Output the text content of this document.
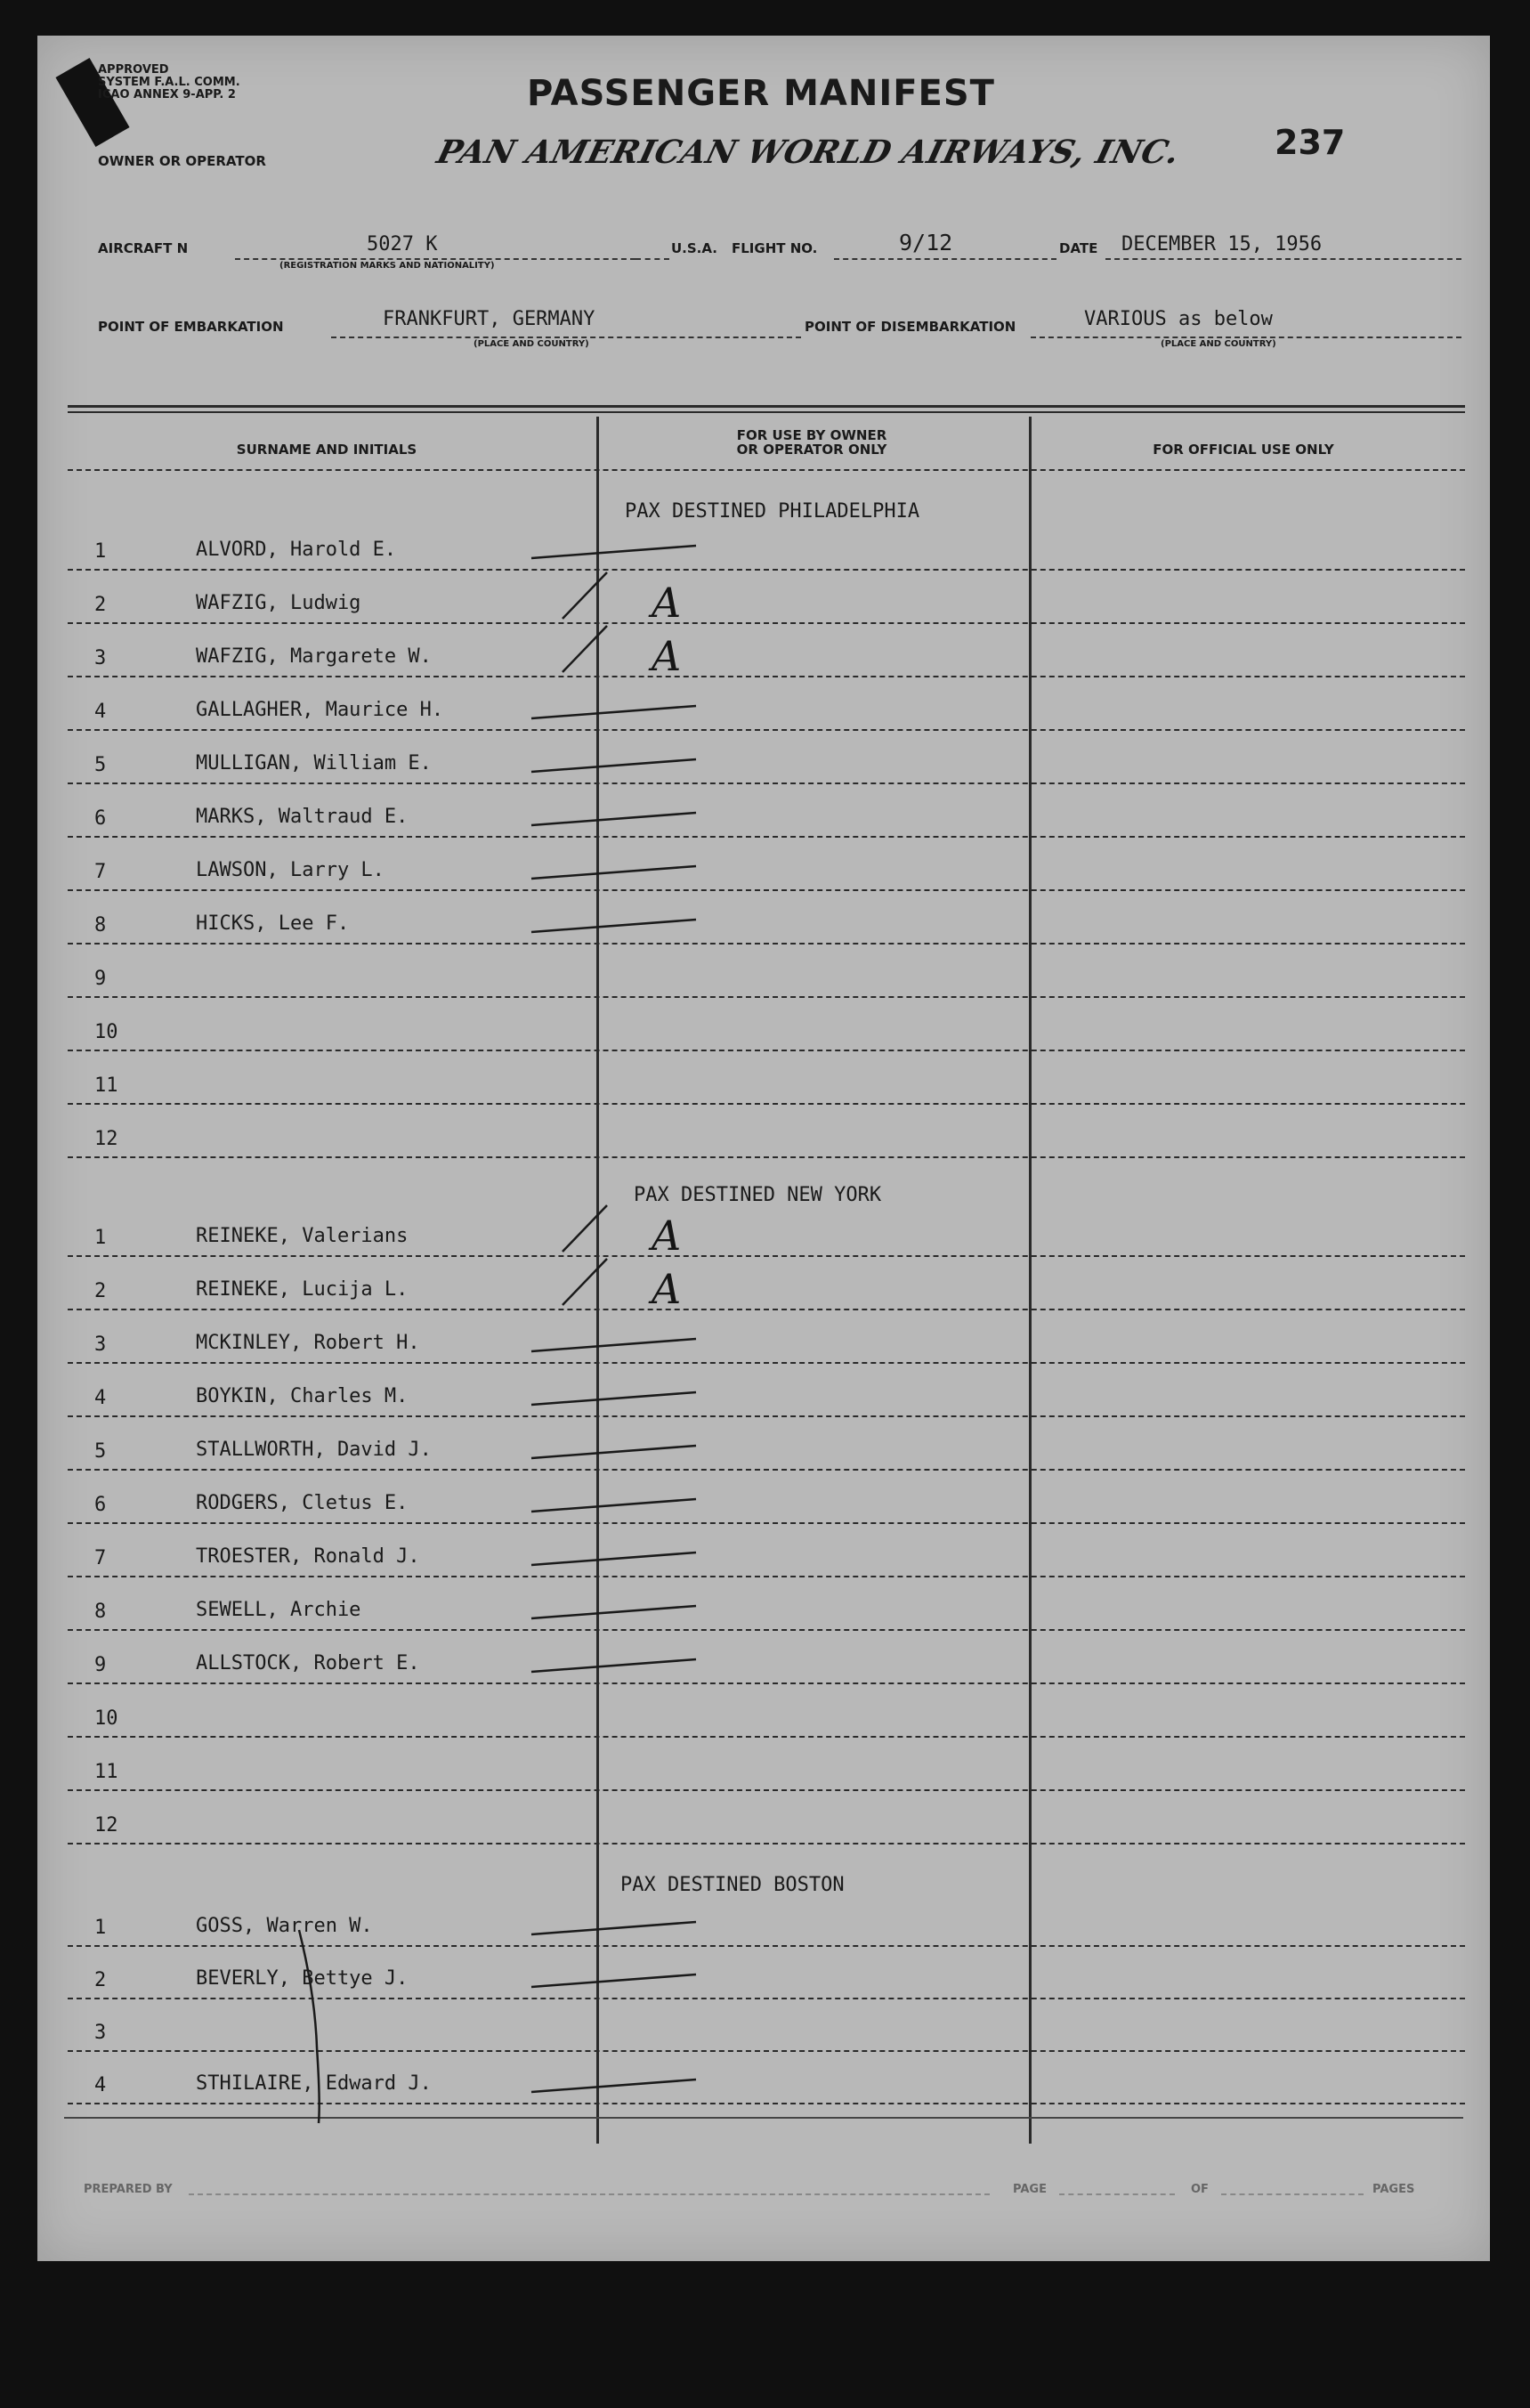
APPROVED
SYSTEM F.A.L. COMM.
ICAO ANNEX 9-APP. 2
OWNER OR OPERATOR
PASSENGER MANIFEST
PAN AMERICAN WORLD AIRWAYS, INC.	237
AIRCRAFT N	5027 K
(REGISTRATION MARKS AND NATIONALITY)
U.S.A. FLIGHT NO.	9/12	DATE DECEMBER 15, 1956
POINT OF EMBARKATION	FRANKFURT, GERMANY
(PLACE AND COUNTRY)
POINT OF DISEMBARKATION	VARIOUS as below
(PLACE AND COUNTRY)
SURNAME AND INITIALS
FOR USE BY OWNER
OR OPERATOR ONLY	FOR OFFICIAL USE ONLY
PAX DESTINED PHILADELPHIA
1	ALVORD, Harold E.
2	WAFZIG, Ludwig
3	WAFZIG, Margarete W.
4	GALLAGHER, Maurice H.
5	MULLIGAN, William E.
6	MARKS, Waltraud E.
7	LAWSON, Larry L.
8	HICKS, Lee F.
9
10
11
12
PAX DESTINED NEW YORK
1	REINEKE, Valerians
2	REINEKE, Lucija L.
3	MCKINLEY, Robert H.
4	BOYKIN, Charles M.
5	STALLWORTH, David J.
6	RODGERS, Cletus E.
7	TROESTER, Ronald J.
8	SEWELL, Archie
9	ALLSTOCK, Robert E.
10
11
12
PAX DESTINED BOSTON
1	GOSS, Warren W.
2	BEVERLY, Bettye J.
3
4	STHILAIRE, Edward J.
PREPARED BY	PAGE	OF	PAGES
A
A
A
A
